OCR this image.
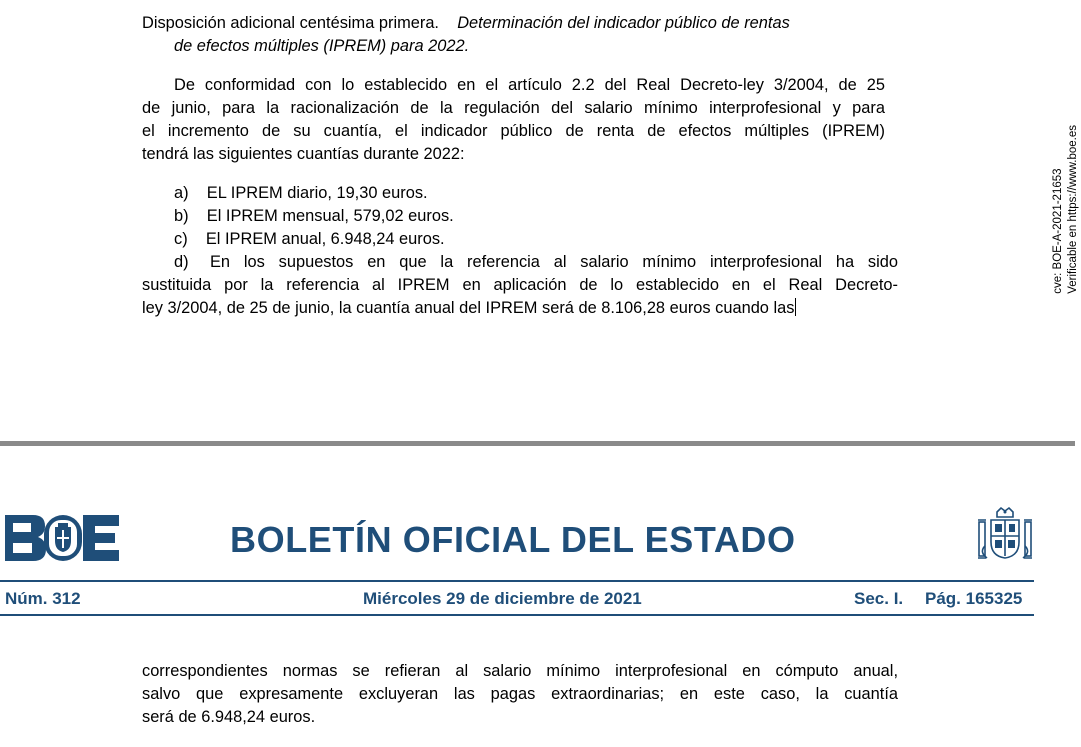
Disposición adicional centésima primera. Determinación del indicador público de rentas
de efectos múltiples (IPREM) para 2022.
De conformidad con lo establecido en el artículo 2.2 del Real Decreto-ley 3/2004, de 25
de junio, para la racionalización de la regulación del salario mínimo interprofesional y para
el incremento de su cuantía, el indicador público de renta de efectos múltiples (IPREM)
tendrá las siguientes cuantías durante 2022:
a) EL IPREM diario, 19,30 euros.
b) El IPREM mensual, 579,02 euros.
c) El IPREM anual, 6.948,24 euros.
d)	En los supuestos en que la referencia al salario mínimo interprofesional ha sido
sustituida por la referencia al IPREM en aplicación de lo establecido en el Real Decreto-
ley 3/2004, de 25 de junio, la cuantía anual del IPREM será de 8.106,28 euros cuando las
cve: BOE-A-2021-21653 Verificable en https://www.boe.es
BOLETÍN OFICIAL DEL ESTADO
Núm. 312	Miércoles 29 de diciembre de 2021	Sec. I. Pág. 165325
correspondientes normas se refieran al salario mínimo interprofesional en cómputo anual,
salvo que expresamente excluyeran las pagas extraordinarias; en este caso, la cuantía
será de 6.948,24 euros.
